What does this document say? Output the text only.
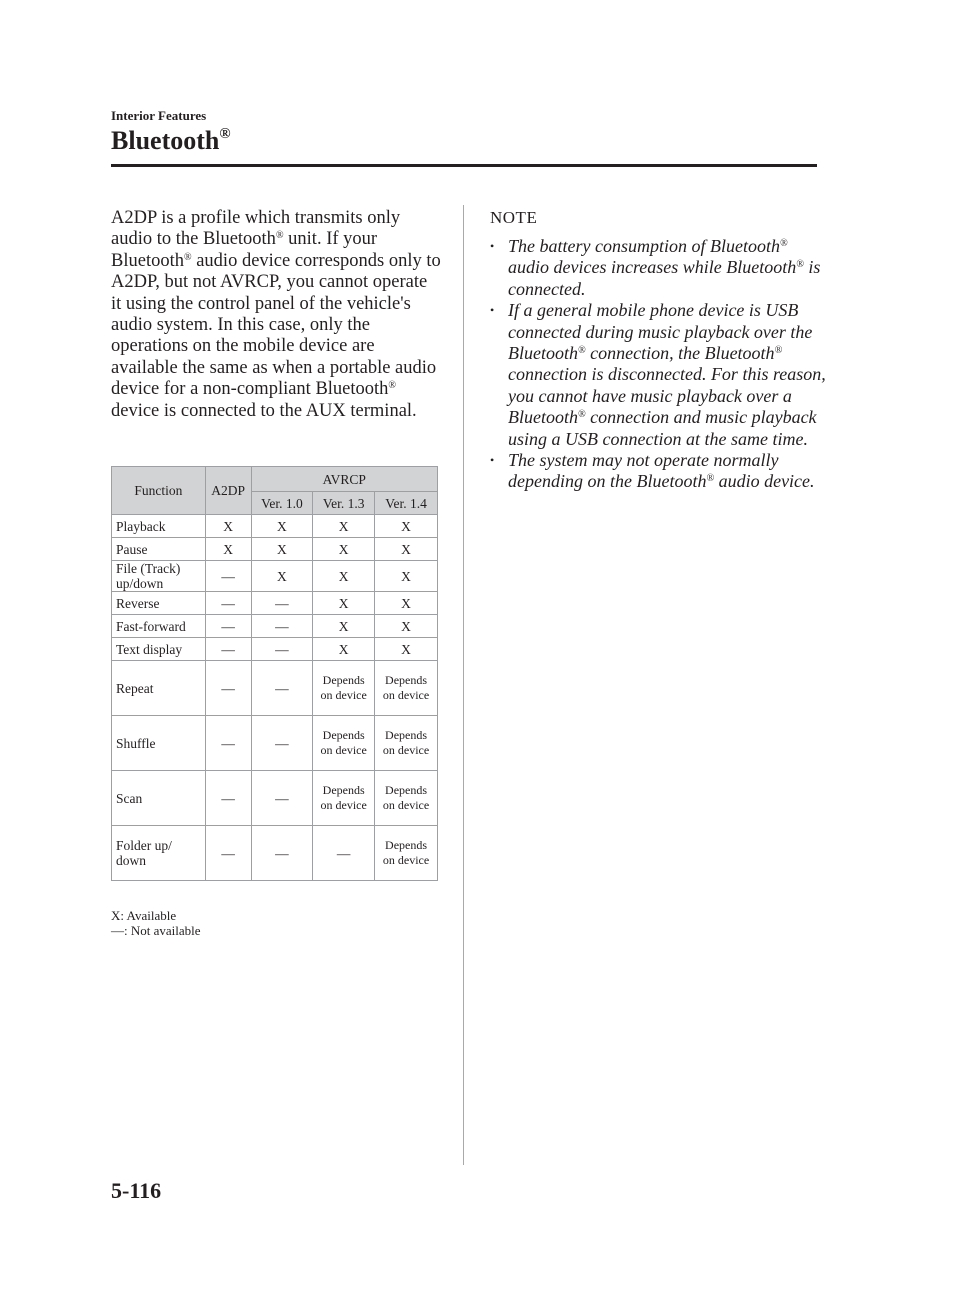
Interior Features
Bluetooth®

A2DP is a profile which transmits only audio to the Bluetooth® unit. If your Bluetooth® audio device corresponds only to A2DP, but not AVRCP, you cannot operate it using the control panel of the vehicle's audio system. In this case, only the operations on the mobile device are available the same as when a portable audio device for a non-compliant Bluetooth® device is connected to the AUX terminal.

Function	A2DP	AVRCP		
		Ver. 1.0	Ver. 1.3	Ver. 1.4
Playback	X	X	X	X
Pause	X	X	X	X
File (Track) up/down	—	X	X	X
Reverse	—	—	X	X
Fast-forward	—	—	X	X
Text display	—	—	X	X
Repeat	—	—	Depends on device	Depends on device
Shuffle	—	—	Depends on device	Depends on device
Scan	—	—	Depends on device	Depends on device
Folder up/ down	—	—	—	Depends on device
X: Available
—: Not available
NOTE
• The battery consumption of Bluetooth® audio devices increases while Bluetooth® is connected.
• If a general mobile phone device is USB connected during music playback over the Bluetooth® connection, the Bluetooth® connection is disconnected. For this reason, you cannot have music playback over a Bluetooth® connection and music playback using a USB connection at the same time.
• The system may not operate normally depending on the Bluetooth® audio device.
5-116
